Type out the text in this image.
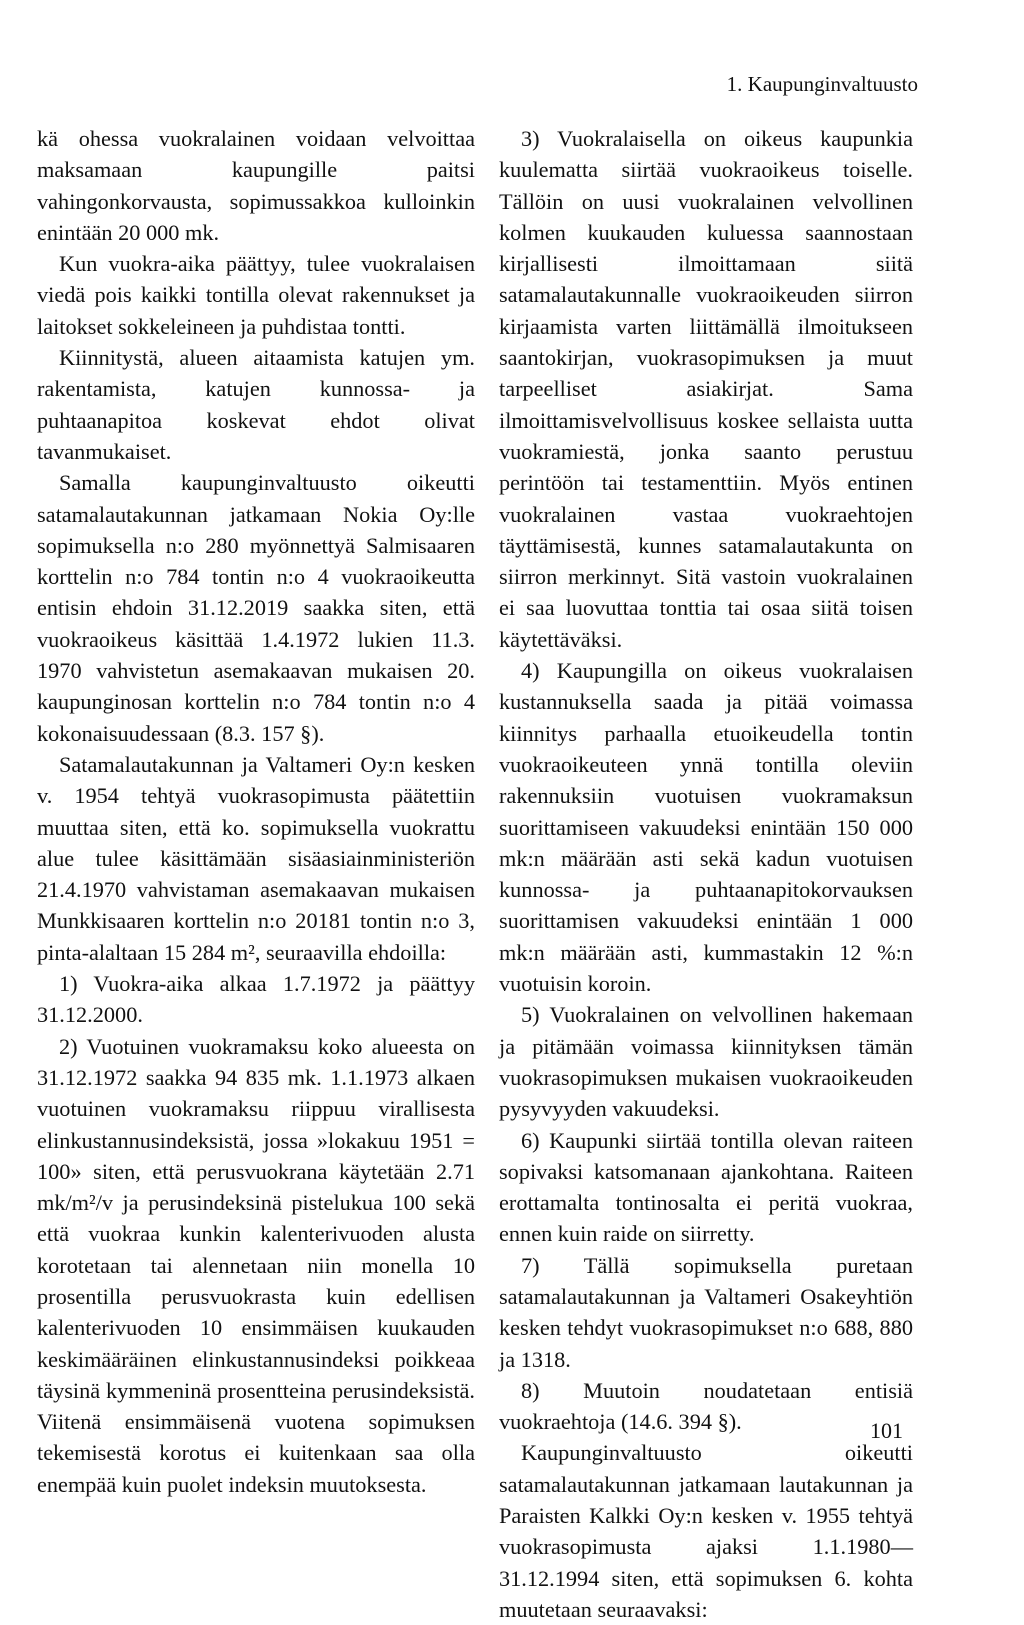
1. Kaupunginvaltuusto

kä ohessa vuokralainen voidaan velvoittaa maksamaan kaupungille paitsi vahingonkorvausta, sopimussakkoa kulloinkin enintään 20 000 mk.

Kun vuokra-aika päättyy, tulee vuokralaisen viedä pois kaikki tontilla olevat rakennukset ja laitokset sokkeleineen ja puhdistaa tontti.

Kiinnitystä, alueen aitaamista katujen ym. rakentamista, katujen kunnossa- ja puhtaanapitoa koskevat ehdot olivat tavanmukaiset.

Samalla kaupunginvaltuusto oikeutti satamalautakunnan jatkamaan Nokia Oy:lle sopimuksella n:o 280 myönnettyä Salmisaaren korttelin n:o 784 tontin n:o 4 vuokraoikeutta entisin ehdoin 31.12.2019 saakka siten, että vuokraoikeus käsittää 1.4.1972 lukien 11.3. 1970 vahvistetun asemakaavan mukaisen 20. kaupunginosan korttelin n:o 784 tontin n:o 4 kokonaisuudessaan (8.3. 157 §).

Satamalautakunnan ja Valtameri Oy:n kesken v. 1954 tehtyä vuokrasopimusta päätettiin muuttaa siten, että ko. sopimuksella vuokrattu alue tulee käsittämään sisäasiainministeriön 21.4.1970 vahvistaman asemakaavan mukaisen Munkkisaaren korttelin n:o 20181 tontin n:o 3, pinta-alaltaan 15 284 m², seuraavilla ehdoilla:

1) Vuokra-aika alkaa 1.7.1972 ja päättyy 31.12.2000.

2) Vuotuinen vuokramaksu koko alueesta on 31.12.1972 saakka 94 835 mk. 1.1.1973 alkaen vuotuinen vuokramaksu riippuu virallisesta elinkustannusindeksistä, jossa »lokakuu 1951 = 100» siten, että perusvuokrana käytetään 2.71 mk/m²/v ja perusindeksinä pistelukua 100 sekä että vuokraa kunkin kalenterivuoden alusta korotetaan tai alennetaan niin monella 10 prosentilla perusvuokrasta kuin edellisen kalenterivuoden 10 ensimmäisen kuukauden keskimääräinen elinkustannusindeksi poikkeaa täysinä kymmeninä prosentteina perusindeksistä. Viitenä ensimmäisenä vuotena sopimuksen tekemisestä korotus ei kuitenkaan saa olla enempää kuin puolet indeksin muutoksesta.

3) Vuokralaisella on oikeus kaupunkia kuulematta siirtää vuokraoikeus toiselle. Tällöin on uusi vuokralainen velvollinen kolmen kuukauden kuluessa saannostaan kirjallisesti ilmoittamaan siitä satamalautakunnalle vuokraoikeuden siirron kirjaamista varten liittämällä ilmoitukseen saantokirjan, vuokrasopimuksen ja muut tarpeelliset asiakirjat. Sama ilmoittamisvelvollisuus koskee sellaista uutta vuokramiestä, jonka saanto perustuu perintöön tai testamenttiin. Myös entinen vuokralainen vastaa vuokraehtojen täyttämisestä, kunnes satamalautakunta on siirron merkinnyt. Sitä vastoin vuokralainen ei saa luovuttaa tonttia tai osaa siitä toisen käytettäväksi.

4) Kaupungilla on oikeus vuokralaisen kustannuksella saada ja pitää voimassa kiinnitys parhaalla etuoikeudella tontin vuokraoikeuteen ynnä tontilla oleviin rakennuksiin vuotuisen vuokramaksun suorittamiseen vakuudeksi enintään 150 000 mk:n määrään asti sekä kadun vuotuisen kunnossa- ja puhtaanapitokorvauksen suorittamisen vakuudeksi enintään 1 000 mk:n määrään asti, kummastakin 12 %:n vuotuisin koroin.

5) Vuokralainen on velvollinen hakemaan ja pitämään voimassa kiinnityksen tämän vuokrasopimuksen mukaisen vuokraoikeuden pysyvyyden vakuudeksi.

6) Kaupunki siirtää tontilla olevan raiteen sopivaksi katsomanaan ajankohtana. Raiteen erottamalta tontinosalta ei peritä vuokraa, ennen kuin raide on siirretty.

7) Tällä sopimuksella puretaan satamalautakunnan ja Valtameri Osakeyhtiön kesken tehdyt vuokrasopimukset n:o 688, 880 ja 1318.

8) Muutoin noudatetaan entisiä vuokraehtoja (14.6. 394 §).

Kaupunginvaltuusto oikeutti satamalautakunnan jatkamaan lautakunnan ja Paraisten Kalkki Oy:n kesken v. 1955 tehtyä vuokrasopimusta ajaksi 1.1.1980—31.12.1994 siten, että sopimuksen 6. kohta muutetaan seuraavaksi:

101
